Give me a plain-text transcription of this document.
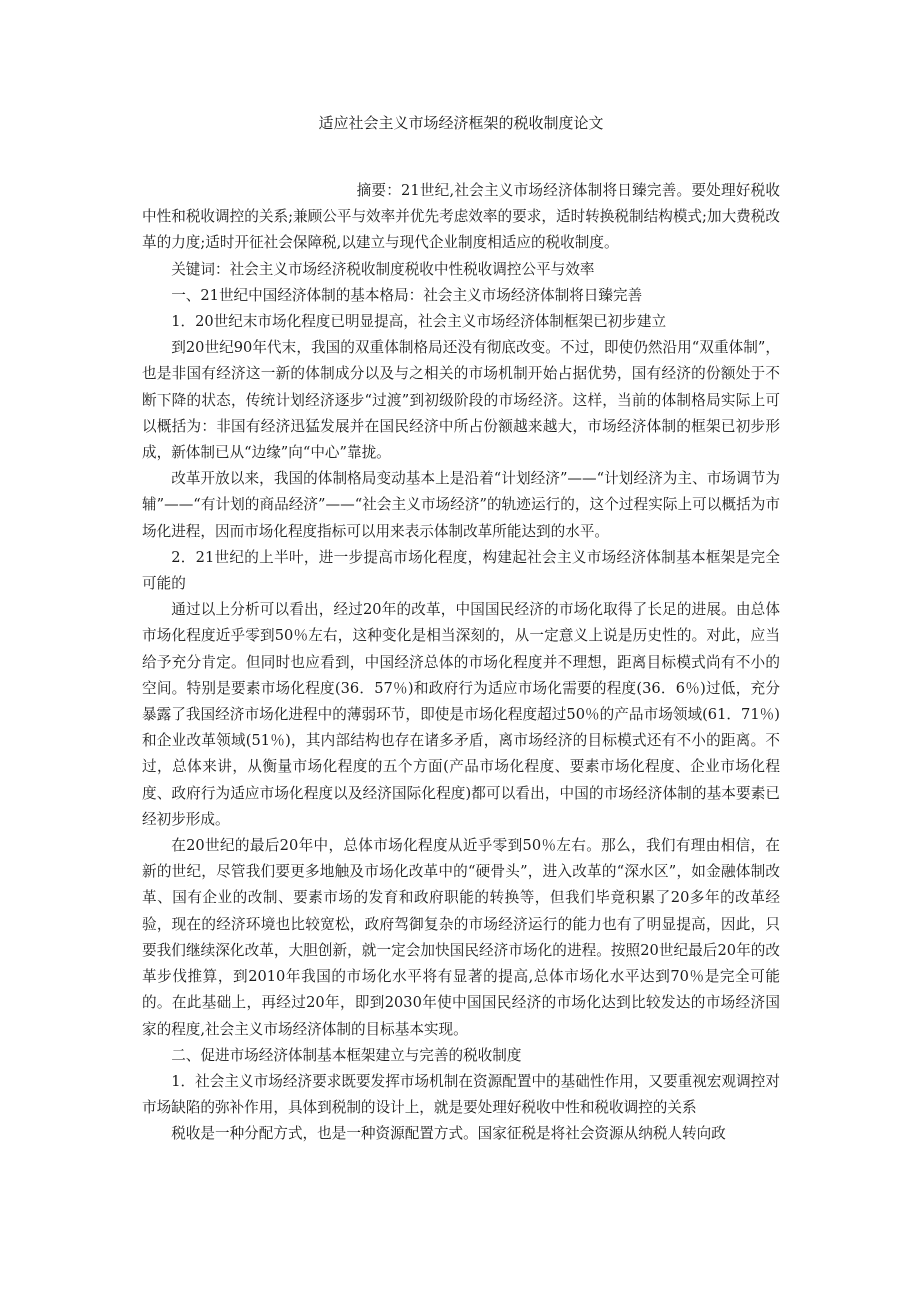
适应社会主义市场经济框架的税收制度论文

摘要：21世纪,社会主义市场经济体制将日臻完善。要处理好税收中性和税收调控的关系;兼顾公平与效率并优先考虑效率的要求，适时转换税制结构模式;加大费税改革的力度;适时开征社会保障税,以建立与现代企业制度相适应的税收制度。

关键词：社会主义市场经济税收制度税收中性税收调控公平与效率

一、21世纪中国经济体制的基本格局：社会主义市场经济体制将日臻完善

1．20世纪末市场化程度已明显提高，社会主义市场经济体制框架已初步建立

到20世纪90年代末，我国的双重体制格局还没有彻底改变。不过，即使仍然沿用“双重体制”，也是非国有经济这一新的体制成分以及与之相关的市场机制开始占据优势，国有经济的份额处于不断下降的状态，传统计划经济逐步“过渡”到初级阶段的市场经济。这样，当前的体制格局实际上可以概括为：非国有经济迅猛发展并在国民经济中所占份额越来越大，市场经济体制的框架已初步形成，新体制已从“边缘”向“中心”靠拢。

改革开放以来，我国的体制格局变动基本上是沿着“计划经济”——“计划经济为主、市场调节为辅”——“有计划的商品经济”——“社会主义市场经济”的轨迹运行的，这个过程实际上可以概括为市场化进程，因而市场化程度指标可以用来表示体制改革所能达到的水平。

2．21世纪的上半叶，进一步提高市场化程度，构建起社会主义市场经济体制基本框架是完全可能的

通过以上分析可以看出，经过20年的改革，中国国民经济的市场化取得了长足的进展。由总体市场化程度近乎零到50％左右，这种变化是相当深刻的，从一定意义上说是历史性的。对此，应当给予充分肯定。但同时也应看到，中国经济总体的市场化程度并不理想，距离目标模式尚有不小的空间。特别是要素市场化程度(36．57％)和政府行为适应市场化需要的程度(36．6％)过低，充分暴露了我国经济市场化进程中的薄弱环节，即使是市场化程度超过50％的产品市场领域(61．71％)和企业改革领域(51％)，其内部结构也存在诸多矛盾，离市场经济的目标模式还有不小的距离。不过，总体来讲，从衡量市场化程度的五个方面(产品市场化程度、要素市场化程度、企业市场化程度、政府行为适应市场化程度以及经济国际化程度)都可以看出，中国的市场经济体制的基本要素已经初步形成。

在20世纪的最后20年中，总体市场化程度从近乎零到50％左右。那么，我们有理由相信，在新的世纪，尽管我们要更多地触及市场化改革中的“硬骨头”，进入改革的“深水区”，如金融体制改革、国有企业的改制、要素市场的发育和政府职能的转换等，但我们毕竟积累了20多年的改革经验，现在的经济环境也比较宽松，政府驾御复杂的市场经济运行的能力也有了明显提高，因此，只要我们继续深化改革，大胆创新，就一定会加快国民经济市场化的进程。按照20世纪最后20年的改革步伐推算，到2010年我国的市场化水平将有显著的提高,总体市场化水平达到70％是完全可能的。在此基础上，再经过20年，即到2030年使中国国民经济的市场化达到比较发达的市场经济国家的程度,社会主义市场经济体制的目标基本实现。

二、促进市场经济体制基本框架建立与完善的税收制度

1．社会主义市场经济要求既要发挥市场机制在资源配置中的基础性作用，又要重视宏观调控对市场缺陷的弥补作用，具体到税制的设计上，就是要处理好税收中性和税收调控的关系

税收是一种分配方式，也是一种资源配置方式。国家征税是将社会资源从纳税人转向政
